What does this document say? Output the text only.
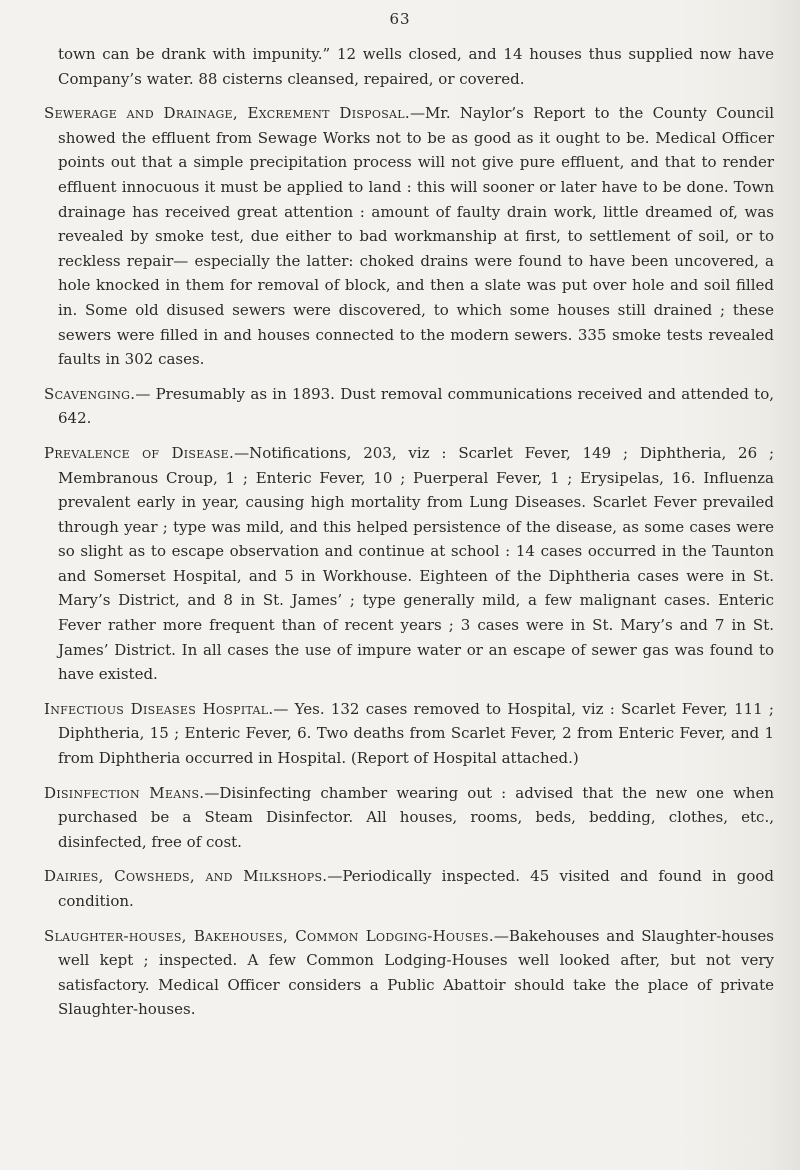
63

town can be drank with impunity.” 12 wells closed, and 14 houses thus supplied now have Company’s water. 88 cisterns cleansed, repaired, or covered.

Sewerage and Drainage, Excrement Disposal.—Mr. Naylor’s Report to the County Council showed the effluent from Sewage Works not to be as good as it ought to be. Medical Officer points out that a simple precipitation process will not give pure effluent, and that to render effluent innocuous it must be applied to land : this will sooner or later have to be done. Town drainage has received great attention : amount of faulty drain work, little dreamed of, was revealed by smoke test, due either to bad workmanship at first, to settlement of soil, or to reckless repair— especially the latter: choked drains were found to have been uncovered, a hole knocked in them for removal of block, and then a slate was put over hole and soil filled in. Some old disused sewers were discovered, to which some houses still drained ; these sewers were filled in and houses connected to the modern sewers. 335 smoke tests revealed faults in 302 cases.

Scavenging.— Presumably as in 1893. Dust removal communications received and attended to, 642.

Prevalence of Disease.—Notifications, 203, viz : Scarlet Fever, 149 ; Diphtheria, 26 ; Membranous Croup, 1 ; Enteric Fever, 10 ; Puerperal Fever, 1 ; Erysipelas, 16. Influenza prevalent early in year, causing high mortality from Lung Diseases. Scarlet Fever prevailed through year ; type was mild, and this helped persistence of the disease, as some cases were so slight as to escape observation and continue at school : 14 cases occurred in the Taunton and Somerset Hospital, and 5 in Workhouse. Eighteen of the Diphtheria cases were in St. Mary’s District, and 8 in St. James’ ; type generally mild, a few malignant cases. Enteric Fever rather more frequent than of recent years ; 3 cases were in St. Mary’s and 7 in St. James’ District. In all cases the use of impure water or an escape of sewer gas was found to have existed.

Infectious Diseases Hospital.— Yes. 132 cases removed to Hospital, viz : Scarlet Fever, 111 ; Diphtheria, 15 ; Enteric Fever, 6. Two deaths from Scarlet Fever, 2 from Enteric Fever, and 1 from Diphtheria occurred in Hospital. (Report of Hospital attached.)

Disinfection Means.—Disinfecting chamber wearing out : advised that the new one when purchased be a Steam Disinfector. All houses, rooms, beds, bedding, clothes, etc., disinfected, free of cost.

Dairies, Cowsheds, and Milkshops.—Periodically inspected. 45 visited and found in good condition.

Slaughter-houses, Bakehouses, Common Lodging-Houses.—Bakehouses and Slaughter-houses well kept ; inspected. A few Common Lodging-Houses well looked after, but not very satisfactory. Medical Officer considers a Public Abattoir should take the place of private Slaughter-houses.
